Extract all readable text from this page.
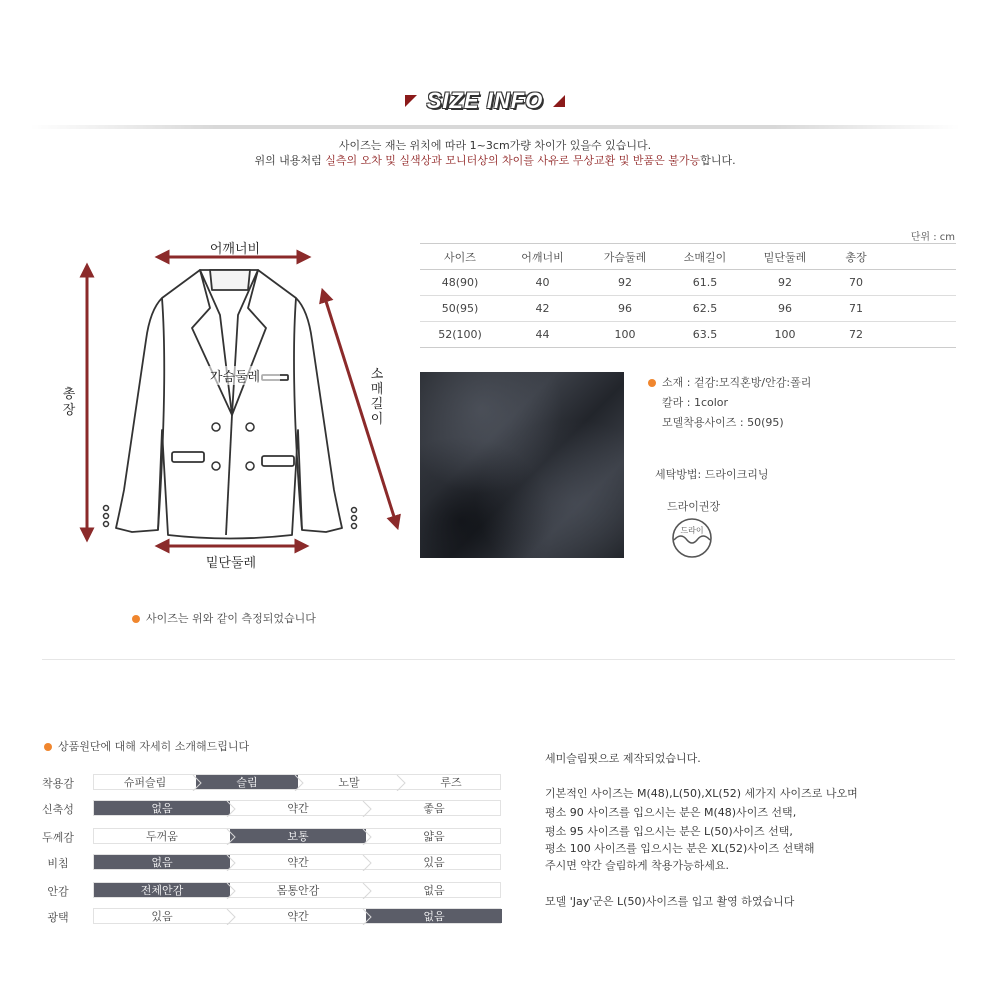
SIZE INFO
사이즈는 재는 위치에 따라 1~3cm가량 차이가 있을수 있습니다.
위의 내용처럼 실측의 오차 및 실색상과 모니터상의 차이를 사유로 무상교환 및 반품은 불가능합니다.
어깨너비
가슴둘레
밑단둘레
총
장
소
매
길
이
사이즈는 위와 같이 측정되었습니다
단위 : cm
사이즈	어깨너비	가슴둘레	소매길이	밑단둘레	총장	
48(90)	40	92	61.5	92	70	
50(95)	42	96	62.5	96	71	
52(100)	44	100	63.5	100	72	
소재 : 겉감:모직혼방/안감:폴리
칼라 : 1color
모델착용사이즈 : 50(95)
세탁방법: 드라이크리닝
드라이권장
드라이
상품원단에 대해 자세히 소개해드립니다
착용감	슈퍼슬림	슬림	노말	루즈
신축성	없음	약간	좋음
두께감	두꺼움	보통	얇음
비침	없음	약간	있음
안감	전체안감	몸통안감	없음
광택	있음	약간	없음
세미슬림핏으로 제작되었습니다.
기본적인 사이즈는 M(48),L(50),XL(52) 세가지 사이즈로 나오며
평소 90 사이즈를 입으시는 분은 M(48)사이즈 선택,
평소 95 사이즈를 입으시는 분은 L(50)사이즈 선택,
평소 100 사이즈를 입으시는 분은 XL(52)사이즈 선택해
주시면 약간 슬림하게 착용가능하세요.
모델 'Jay'군은 L(50)사이즈를 입고 촬영 하였습니다
